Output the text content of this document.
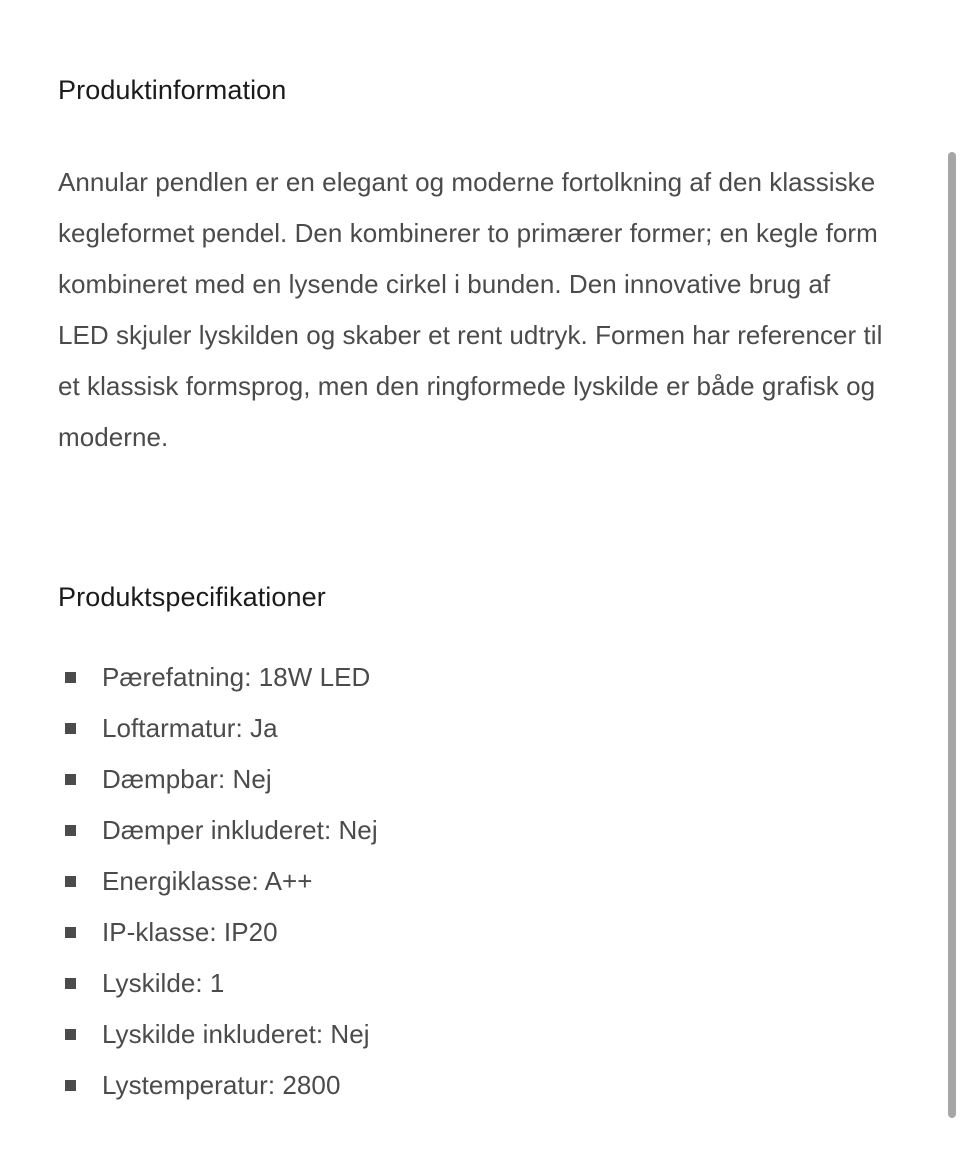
Produktinformation

Annular pendlen er en elegant og moderne fortolkning af den klassiske kegleformet pendel. Den kombinerer to primærer former; en kegle form kombineret med en lysende cirkel i bunden. Den innovative brug af LED skjuler lyskilden og skaber et rent udtryk. Formen har referencer til et klassisk formsprog, men den ringformede lyskilde er både grafisk og moderne.

Produktspecifikationer
Pærefatning: 18W LED
Loftarmatur: Ja
Dæmpbar: Nej
Dæmper inkluderet: Nej
Energiklasse: A++
IP-klasse: IP20
Lyskilde: 1
Lyskilde inkluderet: Nej
Lystemperatur: 2800
